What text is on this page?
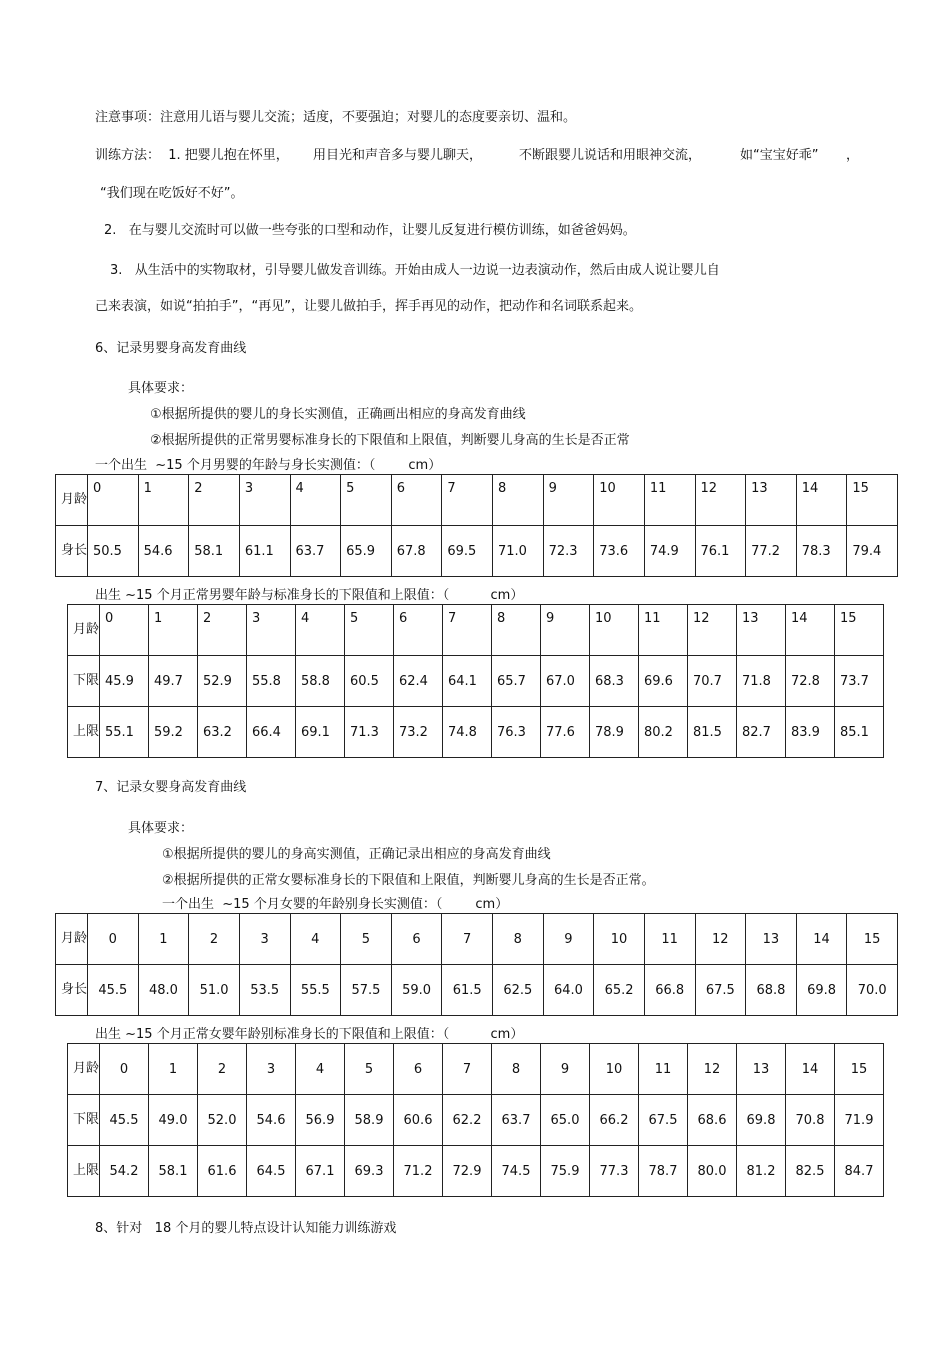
注意事项：注意用儿语与婴儿交流；适度，不要强迫；对婴儿的态度要亲切、温和。
训练方法：  1. 把婴儿抱在怀里， 用目光和声音多与婴儿聊天，	不断跟婴儿说话和用眼神交流，	如“宝宝好乖” ，
“我们现在吃饭好不好”。
2.   在与婴儿交流时可以做一些夸张的口型和动作，让婴儿反复进行模仿训练，如爸爸妈妈。
3.   从生活中的实物取材，引导婴儿做发音训练。开始由成人一边说一边表演动作，然后由成人说让婴儿自
己来表演，如说“拍拍手”，“再见”，让婴儿做拍手，挥手再见的动作，把动作和名词联系起来。
6、记录男婴身高发育曲线
具体要求：
①根据所提供的婴儿的身长实测值，正确画出相应的身高发育曲线
②根据所提供的正常男婴标准身长的下限值和上限值，判断婴儿身高的生长是否正常
一个出生  ~15 个月男婴的年龄与身长实测值：（        cm）
月龄	0	1	2	3	4	5	6	7	8	9	10	11	12	13	14	15
身长	50.5	54.6	58.1	61.1	63.7	65.9	67.8	69.5	71.0	72.3	73.6	74.9	76.1	77.2	78.3	79.4
出生 ~15 个月正常男婴年龄与标准身长的下限值和上限值：（          cm）
月龄	0	1	2	3	4	5	6	7	8	9	10	11	12	13	14	15
下限	45.9	49.7	52.9	55.8	58.8	60.5	62.4	64.1	65.7	67.0	68.3	69.6	70.7	71.8	72.8	73.7
上限	55.1	59.2	63.2	66.4	69.1	71.3	73.2	74.8	76.3	77.6	78.9	80.2	81.5	82.7	83.9	85.1
7、记录女婴身高发育曲线
具体要求：
①根据所提供的婴儿的身高实测值，正确记录出相应的身高发育曲线
②根据所提供的正常女婴标准身长的下限值和上限值，判断婴儿身高的生长是否正常。
一个出生  ~15 个月女婴的年龄别身长实测值：（        cm）
月龄	0	1	2	3	4	5	6	7	8	9	10	11	12	13	14	15
身长	45.5	48.0	51.0	53.5	55.5	57.5	59.0	61.5	62.5	64.0	65.2	66.8	67.5	68.8	69.8	70.0
出生 ~15 个月正常女婴年龄别标准身长的下限值和上限值：（          cm）
月龄	0	1	2	3	4	5	6	7	8	9	10	11	12	13	14	15
下限	45.5	49.0	52.0	54.6	56.9	58.9	60.6	62.2	63.7	65.0	66.2	67.5	68.6	69.8	70.8	71.9
上限	54.2	58.1	61.6	64.5	67.1	69.3	71.2	72.9	74.5	75.9	77.3	78.7	80.0	81.2	82.5	84.7
8、针对   18 个月的婴儿特点设计认知能力训练游戏
